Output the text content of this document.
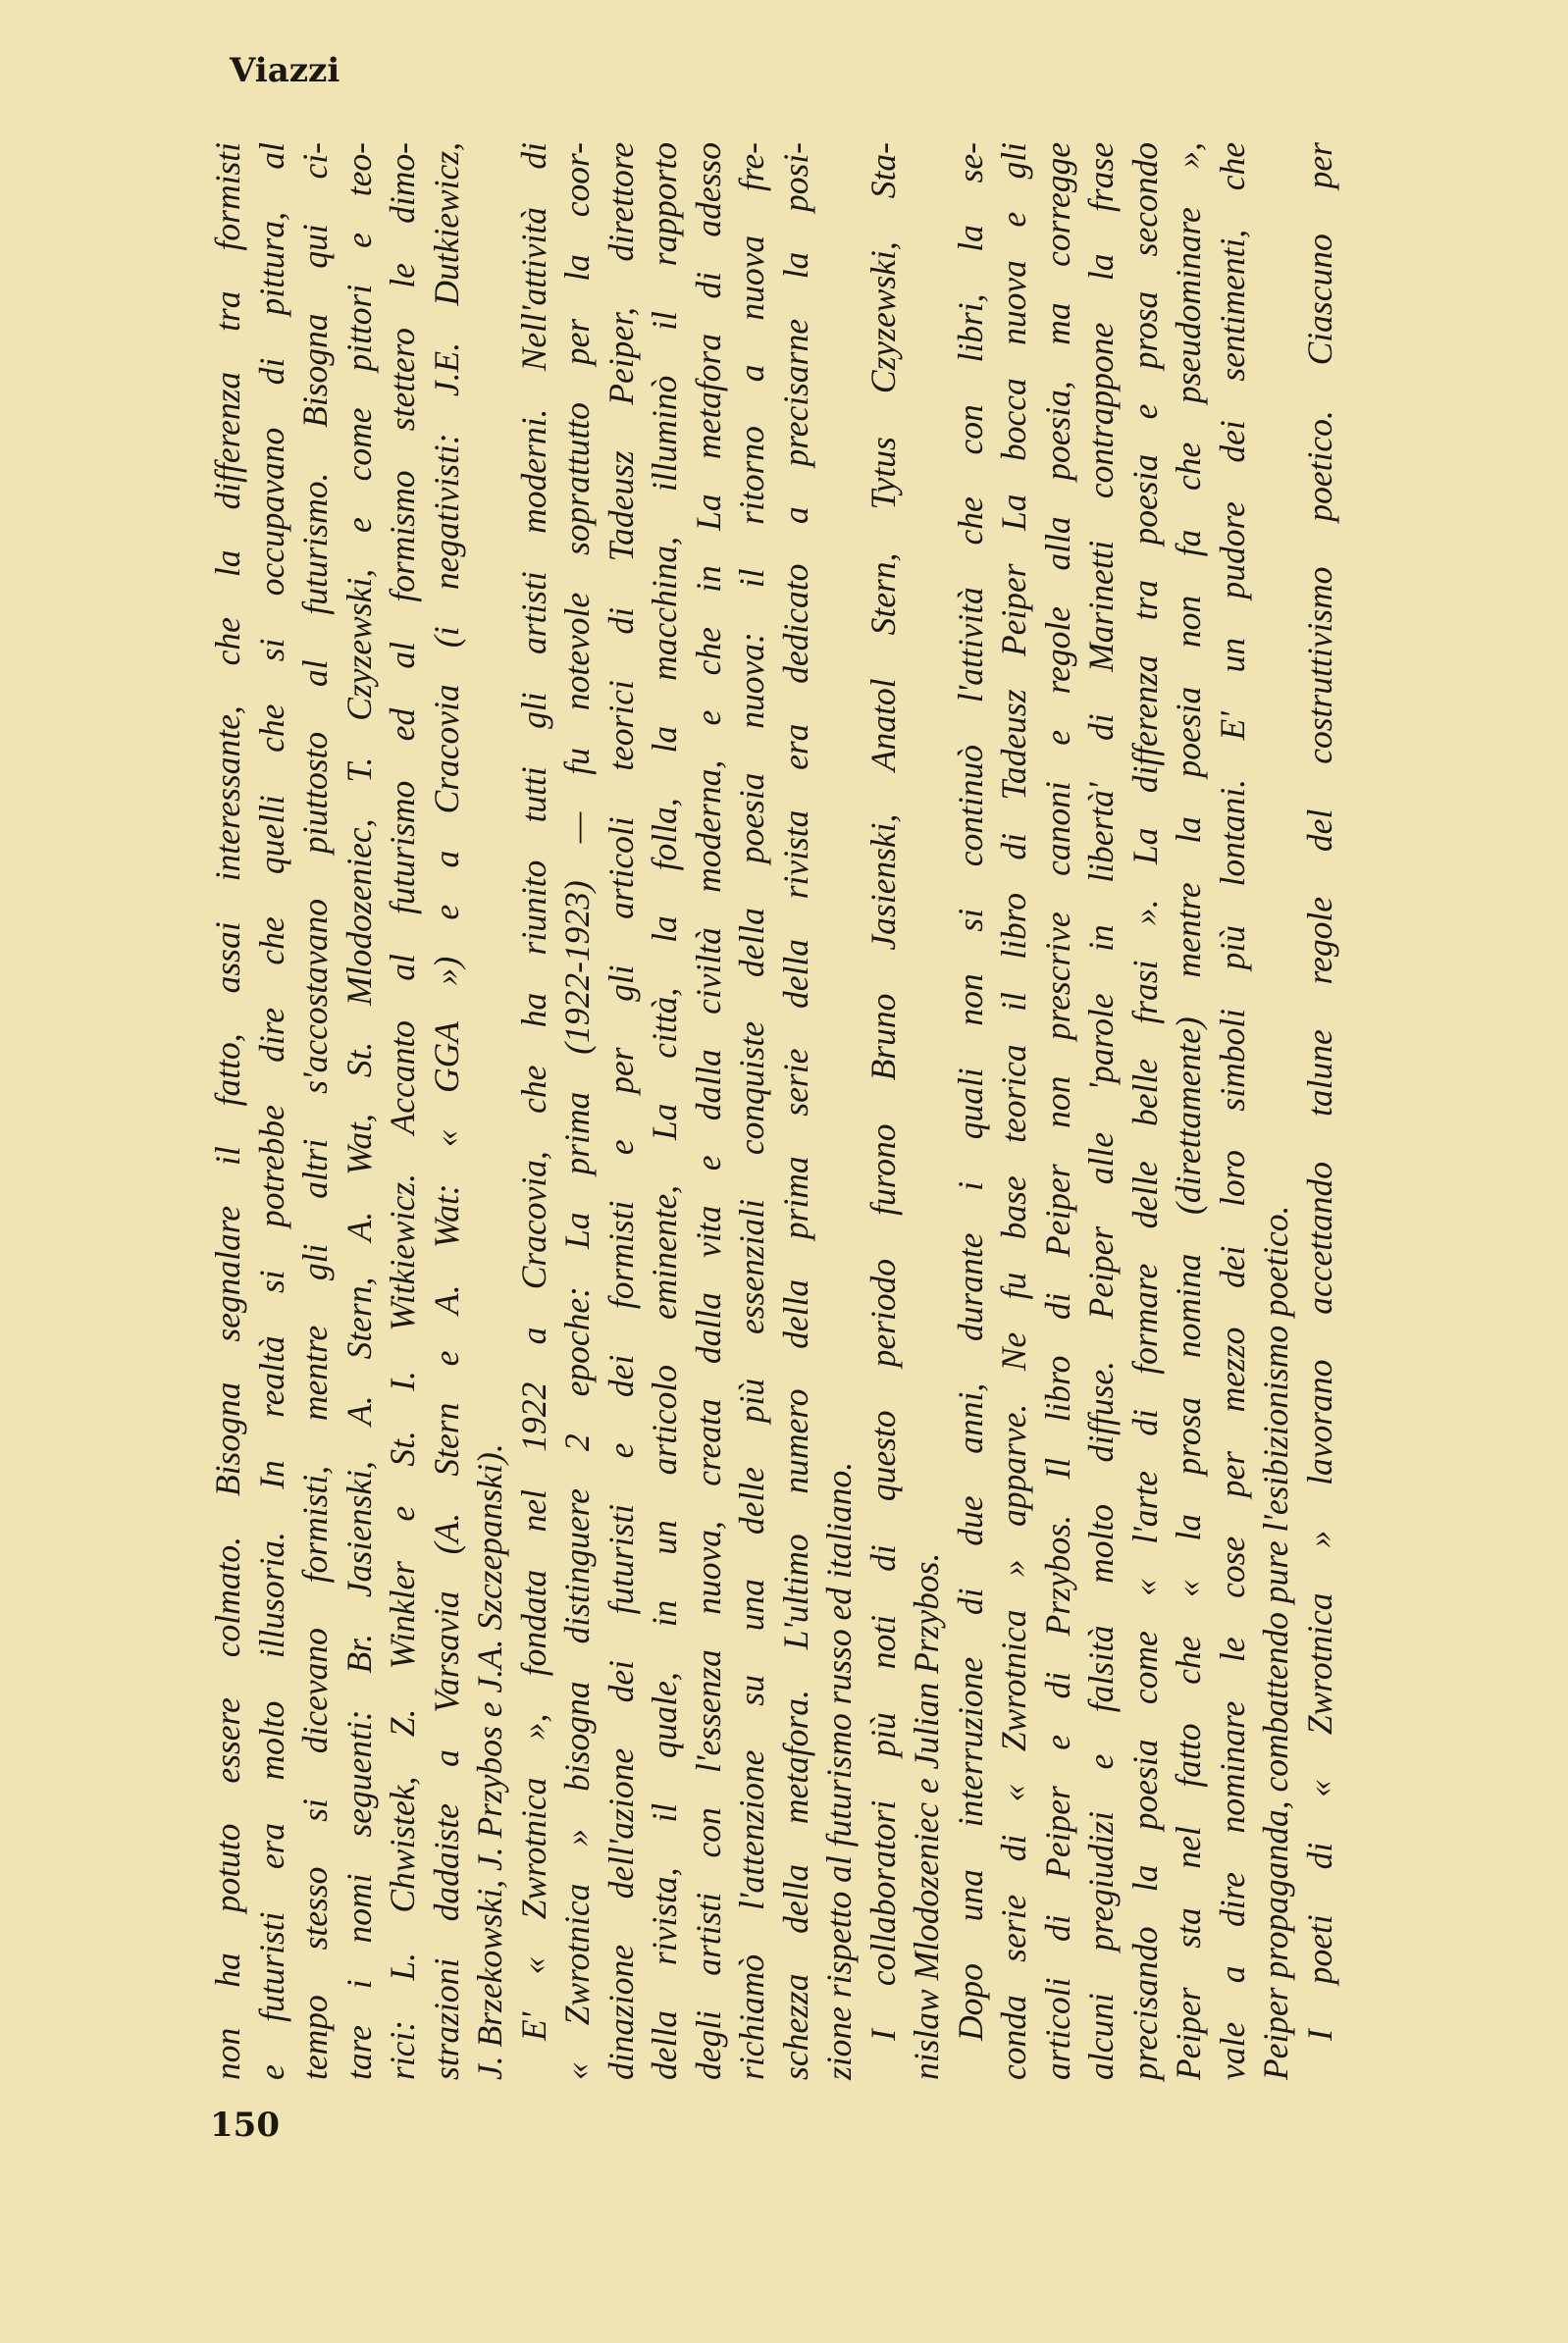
Viazzi
150
non ha potuto essere colmato. Bisogna segnalare il fatto, assai interessante, che la differenza tra formisti e futuristi era molto illusoria. In realtà si potrebbe dire che quelli che si occupavano di pittura, al tempo stesso si dicevano formisti, mentre gli altri s'accostavano piuttosto al futurismo. Bisogna qui ci- tare i nomi seguenti: Br. Jasienski, A. Stern, A. Wat, St. Mlodozeniec, T. Czyzewski, e come pittori e teo- rici: L. Chwistek, Z. Winkler e St. I. Witkiewicz. Accanto al futurismo ed al formismo stettero le dimo- strazioni dadaiste a Varsavia (A. Stern e A. Wat: « GGA ») e a Cracovia (i negativisti: J.E. Dutkiewicz, J. Brzekowski, J. Przybos e J.A. Szczepanski). E' « Zwrotnica », fondata nel 1922 a Cracovia, che ha riunito tutti gli artisti moderni. Nell'attività di « Zwrotnica » bisogna distinguere 2 epoche: La prima (1922-1923) — fu notevole soprattutto per la coor- dinazione dell'azione dei futuristi e dei formisti e per gli articoli teorici di Tadeusz Peiper, direttore della rivista, il quale, in un articolo eminente, La città, la folla, la macchina, illuminò il rapporto degli artisti con l'essenza nuova, creata dalla vita e dalla civiltà moderna, e che in La metafora di adesso richiamò l'attenzione su una delle più essenziali conquiste della poesia nuova: il ritorno a nuova fre- schezza della metafora. L'ultimo numero della prima serie della rivista era dedicato a precisarne la posi- zione rispetto al futurismo russo ed italiano. I collaboratori più noti di questo periodo furono Bruno Jasienski, Anatol Stern, Tytus Czyzewski, Sta- nislaw Mlodozeniec e Julian Przybos. Dopo una interruzione di due anni, durante i quali non si continuò l'attività che con libri, la se- conda serie di « Zwrotnica » apparve. Ne fu base teorica il libro di Tadeusz Peiper La bocca nuova e gli articoli di Peiper e di Przybos. Il libro di Peiper non prescrive canoni e regole alla poesia, ma corregge alcuni pregiudizi e falsità molto diffuse. Peiper alle 'parole in libertà' di Marinetti contrappone la frase precisando la poesia come « l'arte di formare delle belle frasi ». La differenza tra poesia e prosa secondo Peiper sta nel fatto che « la prosa nomina (direttamente) mentre la poesia non fa che pseudominare », vale a dire nominare le cose per mezzo dei loro simboli più lontani. E' un pudore dei sentimenti, che Peiper propaganda, combattendo pure l'esibizionismo poetico. I poeti di « Zwrotnica » lavorano accettando talune regole del costruttivismo poetico. Ciascuno per
